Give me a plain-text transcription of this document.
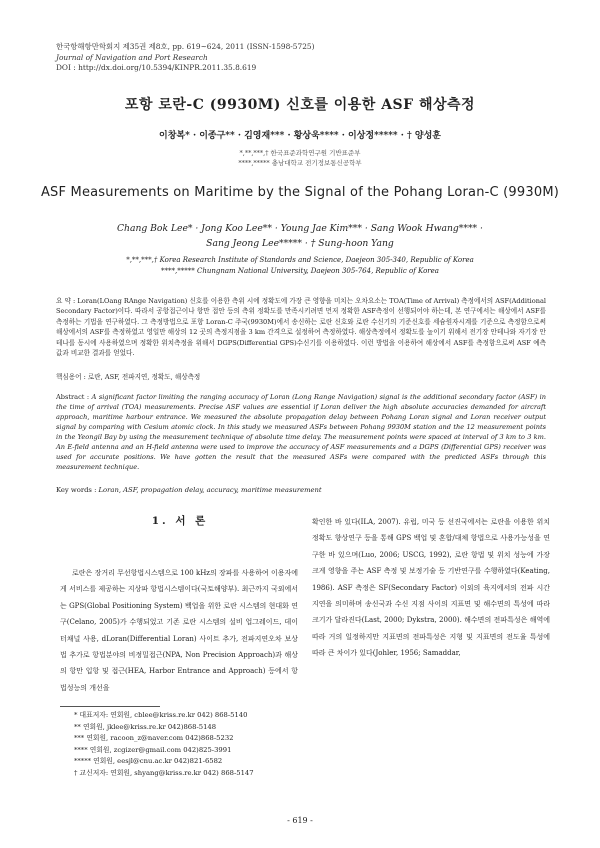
한국항해항만학회지 제35권 제8호, pp. 619~624, 2011 (ISSN-1598-5725)
Journal of Navigation and Port Research
DOI : http://dx.doi.org/10.5394/KINPR.2011.35.8.619
포항 로란-C (9930M) 신호를 이용한 ASF 해상측정
이창복* · 이종구** · 김영재*** · 황상욱**** · 이상정***** · † 양성훈
*,**,***,† 한국표준과학연구원 기반표준부
****,***** 충남대학교 전기정보통신공학부
ASF Measurements on Maritime by the Signal of the Pohang Loran-C (9930M)
Chang Bok Lee* · Jong Koo Lee** · Young Jae Kim*** · Sang Wook Hwang**** ·
Sang Jeong Lee***** · † Sung-hoon Yang
*,**,***,† Korea Research Institute of Standards and Science, Daejeon 305-340, Republic of Korea
****,***** Chungnam National University, Daejeon 305-764, Republic of Korea
요 약 : Loran(LOang RAnge Navigation) 신호를 이용한 측위 시에 정확도에 가장 큰 영향을 미치는 오차요소는 TOA(Time of Arrival) 측정에서의 ASF(Additional Secondary Factor)이다. 따라서 공항접근이나 항만 접안 등의 측위 정확도를 만족시키려면 먼저 정확한 ASF측정이 선행되어야 하는데, 본 연구에서는 해상에서 ASF를 측정하는 기법을 연구하였다. 그 측정방법으로 포항 Loran-C 주국(9930M)에서 송신하는 로란 신호와 로란 수신기의 기준신호를 세슘원자시계를 기준으로 측정함으로써 해상에서의 ASF를 측정하였고 영일만 해상의 12 곳의 측정지점을 3 km 간격으로 설정하여 측정하였다. 해상측정에서 정확도를 높이기 위해서 전기장 안테나와 자기장 안테나를 동시에 사용하였으며 정확한 위치측정을 위해서 DGPS(Differential GPS)수신기를 이용하였다. 이런 방법을 이용하여 해상에서 ASF를 측정함으로써 ASF 예측값과 비교한 결과를 얻었다.
핵심용어 : 로란, ASF, 전파지연, 정확도, 해상측정
Abstract : A significant factor limiting the ranging accuracy of Loran (Long Range Navigation) signal is the additional secondary factor (ASF) in the time of arrival (TOA) measurements. Precise ASF values are essential if Loran deliver the high absolute accuracies demanded for aircraft approach, maritime harbour entrance. We measured the absolute propagation delay between Pohang Loran signal and Loran receiver output signal by comparing with Cesium atomic clock. In this study we measured ASFs between Pohang 9930M station and the 12 measurement points in the Yeongil Bay by using the measurement technique of absolute time delay. The measurement points were spaced at interval of 3 km to 3 km. An E-field antenna and an H-field antenna were used to improve the accuracy of ASF measurements and a DGPS (Differential GPS) receiver was used for accurate positions. We have gotten the result that the measured ASFs were compared with the predicted ASFs through this measurement technique.
Key words : Loran, ASF, propagation delay, accuracy, maritime measurement
1. 서 론
로란은 장거리 무선항법시스템으로 100 kHz의 장파를 사용하여 이용자에게 서비스를 제공하는 지상파 항법시스템이다(국토해양부). 최근까지 국외에서는 GPS(Global Positioning System) 백업을 위한 로란 시스템의 현대화 연구(Celano, 2005)가 수행되었고 기존 로란 시스템의 설비 업그레이드, 데이터채널 사용, dLoran(Differential Loran) 사이트 추가, 전파지연오차 보상법 추가로 항법분야의 비정밀접근(NPA, Non Precision Approach)과 해상의 항만 입항 및 접근(HEA, Harbor Entrance and Approach) 등에서 항법성능의 개선을
확인한 바 있다(ILA, 2007). 유럽, 미국 등 선진국에서는 로란을 이용한 위치 정확도 향상연구 등을 통해 GPS 백업 및 혼합/대체 항법으로 사용가능성을 연구한 바 있으며(Luo, 2006; USCG, 1992), 로란 항법 및 위치 성능에 가장 크게 영향을 주는 ASF 측정 및 보정기술 등 기반연구를 수행하였다(Keating, 1986). ASF 측정은 SF(Secondary Factor) 이외의 육지에서의 전파 시간 지연을 의미하며 송신국과 수신 지점 사이의 지표면 및 해수면의 특성에 따라 크기가 달라진다(Last, 2000; Dykstra, 2000). 해수면의 전파특성은 해역에 따라 거의 일정하지만 지표면의 전파특성은 지형 및 지표면의 전도율 특성에 따라 큰 차이가 있다(Johler, 1956; Samaddar,
* 대표저자: 연회원, cblee@kriss.re.kr 042) 868-5140
** 연회원, jklee@kriss.re.kr 042)868-5148
*** 연회원, racoon_z@naver.com 042)868-5232
**** 연회원, zcgizer@gmail.com 042)825-3991
***** 연회원, eesjl@cnu.ac.kr 042)821-6582
† 교신저자: 연회원, shyang@kriss.re.kr 042) 868-5147
- 619 -
